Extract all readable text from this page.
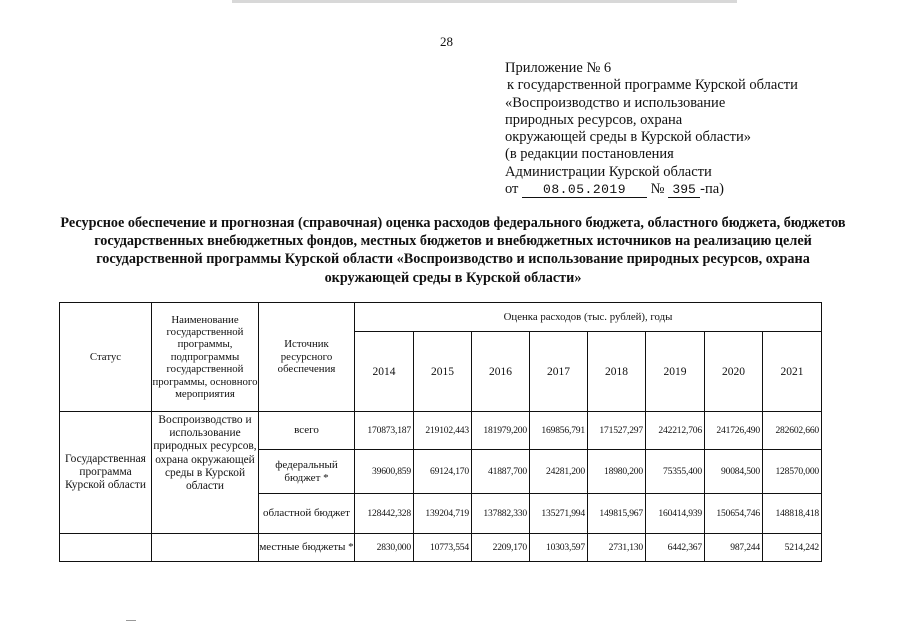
28
Приложение № 6
к государственной программе Курской области
«Воспроизводство и использование
природных ресурсов, охрана
окружающей среды в Курской области»
(в редакции постановления
Администрации Курской области
от 08.05.2019 № 395 -па)
Ресурсное обеспечение и прогнозная (справочная) оценка расходов федерального бюджета, областного бюджета, бюджетов государственных внебюджетных фондов, местных бюджетов и внебюджетных источников на реализацию целей государственной программы Курской области «Воспроизводство и использование природных ресурсов, охрана окружающей среды в Курской области»
Статус	Наименование государственной программы, подпрограммы государственной программы, основного мероприятия	Источник ресурсного обеспечения	Оценка расходов (тыс. рублей), годы							
			2014	2015	2016	2017	2018	2019	2020	2021
Государственная программа Курской области	Воспроизводство и использование природных ресурсов, охрана окружающей среды в Курской области	всего	170873,187	219102,443	181979,200	169856,791	171527,297	242212,706	241726,490	282602,660
		федеральный бюджет *	39600,859	69124,170	41887,700	24281,200	18980,200	75355,400	90084,500	128570,000
		областной бюджет	128442,328	139204,719	137882,330	135271,994	149815,967	160414,939	150654,746	148818,418
		местные бюджеты *	2830,000	10773,554	2209,170	10303,597	2731,130	6442,367	987,244	5214,242
